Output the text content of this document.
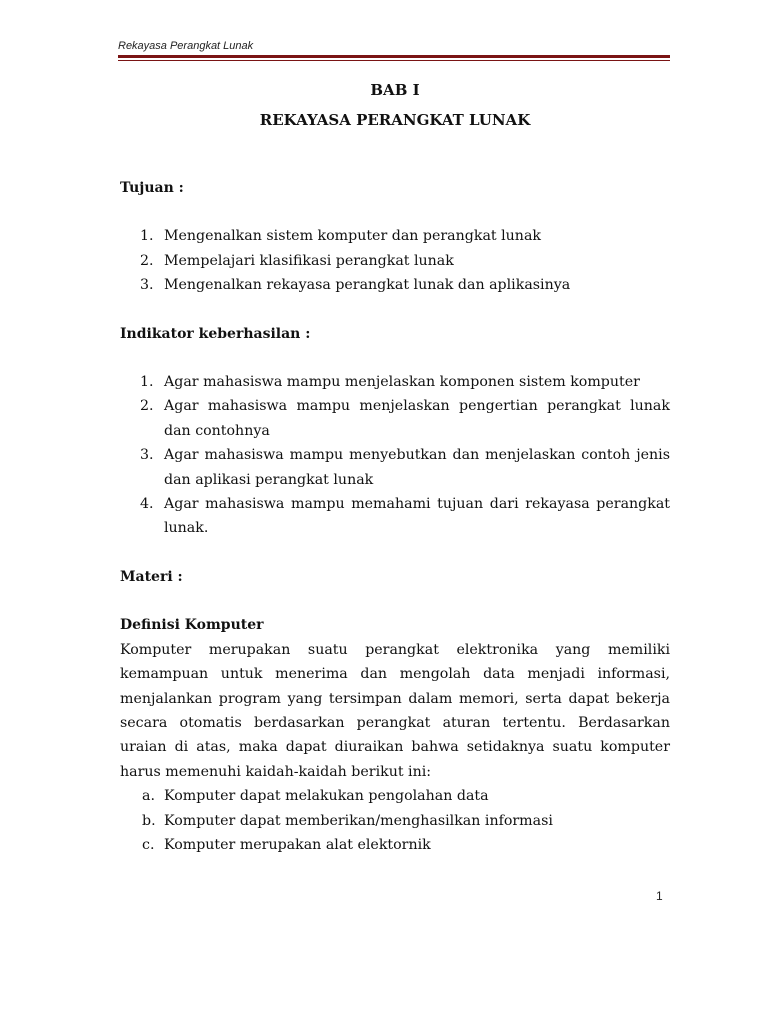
Rekayasa Perangkat Lunak
BAB I
REKAYASA PERANGKAT LUNAK
Tujuan :
1. Mengenalkan sistem komputer dan perangkat lunak
2. Mempelajari klasifikasi perangkat lunak
3. Mengenalkan rekayasa perangkat lunak dan aplikasinya
Indikator keberhasilan :
1. Agar mahasiswa mampu menjelaskan komponen sistem komputer
2. Agar mahasiswa mampu menjelaskan pengertian perangkat lunak dan contohnya
3. Agar mahasiswa mampu menyebutkan dan menjelaskan contoh jenis dan aplikasi perangkat lunak
4. Agar mahasiswa mampu memahami tujuan dari rekayasa perangkat lunak.
Materi :
Definisi Komputer
Komputer merupakan suatu perangkat elektronika yang memiliki kemampuan untuk menerima dan mengolah data menjadi informasi, menjalankan program yang tersimpan dalam memori, serta dapat bekerja secara otomatis berdasarkan perangkat aturan tertentu. Berdasarkan uraian di atas, maka dapat diuraikan bahwa setidaknya suatu komputer harus memenuhi kaidah-kaidah berikut ini:
a. Komputer dapat melakukan pengolahan data
b. Komputer dapat memberikan/menghasilkan informasi
c. Komputer merupakan alat elektornik
1
